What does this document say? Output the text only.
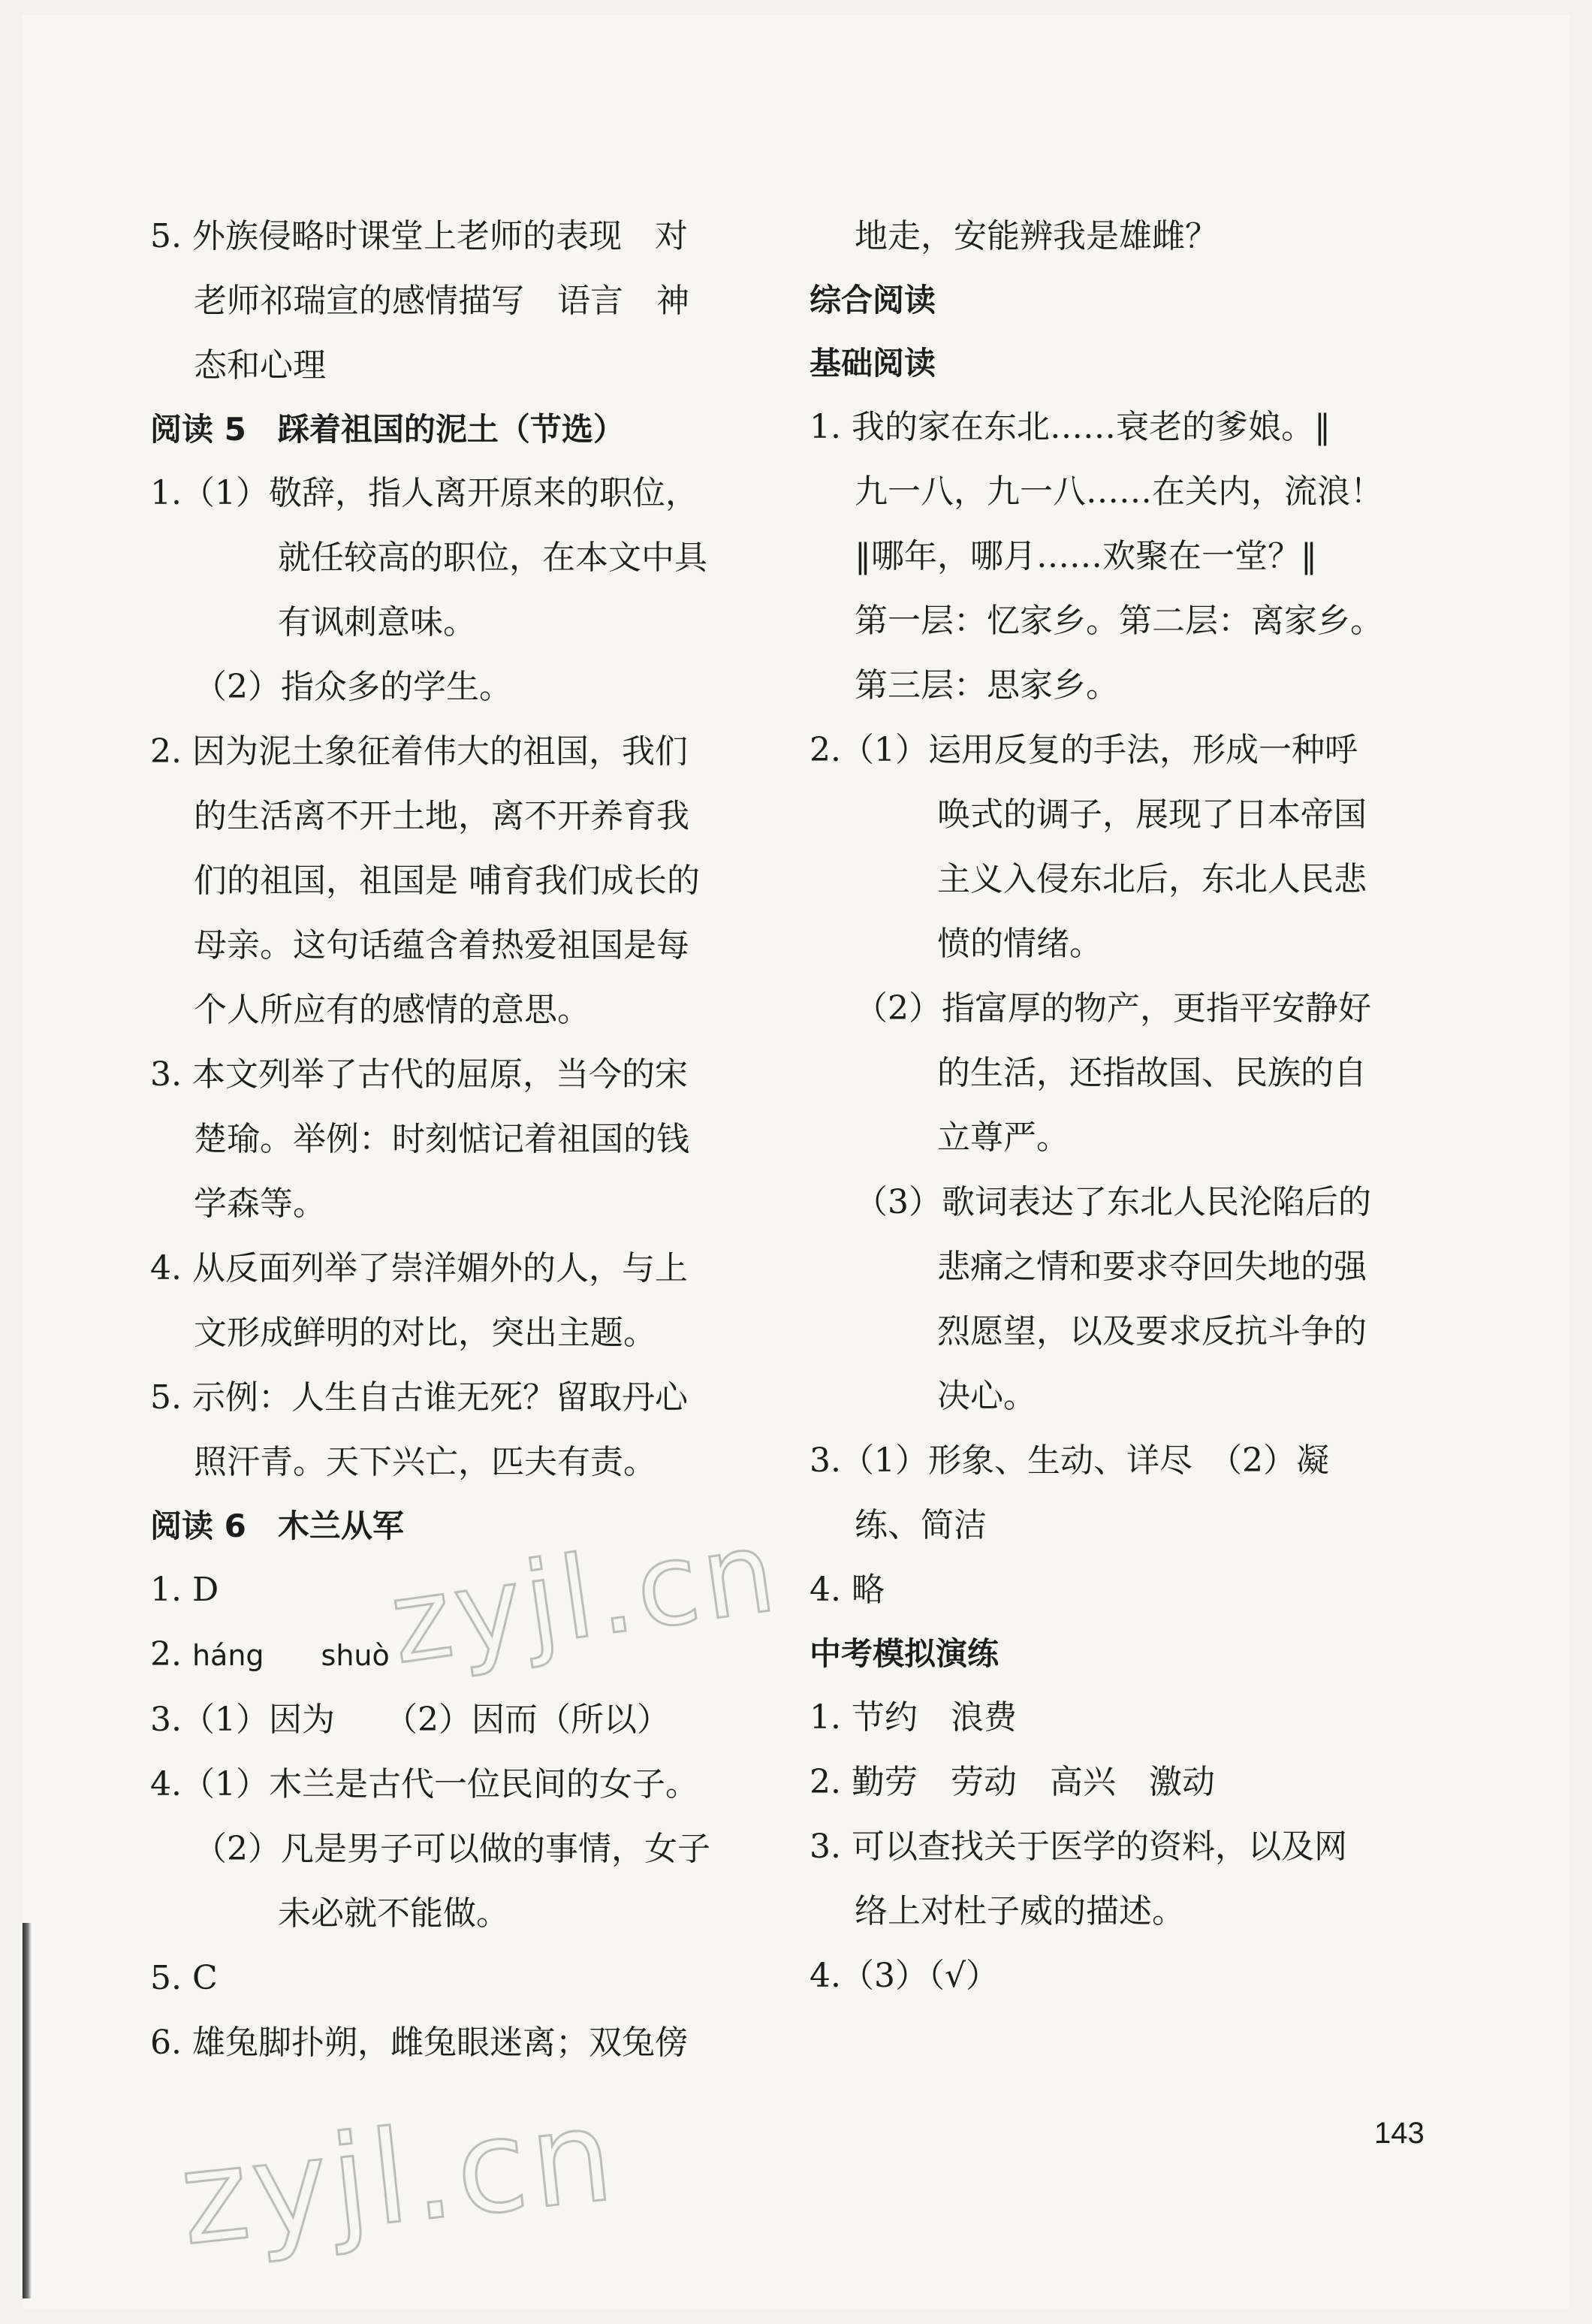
5. 外族侵略时课堂上老师的表现　对
老师祁瑞宣的感情描写　语言　神
态和心理
阅读 5　踩着祖国的泥土（节选）
1.（1）敬辞，指人离开原来的职位，
就任较高的职位，在本文中具
有讽刺意味。
（2）指众多的学生。
2. 因为泥土象征着伟大的祖国，我们
的生活离不开土地，离不开养育我
们的祖国，祖国是 哺育我们成长的
母亲。这句话蕴含着热爱祖国是每
个人所应有的感情的意思。
3. 本文列举了古代的屈原，当今的宋
楚瑜。举例：时刻惦记着祖国的钱
学森等。
4. 从反面列举了崇洋媚外的人，与上
文形成鲜明的对比，突出主题。
5. 示例：人生自古谁无死？留取丹心
照汗青。天下兴亡，匹夫有责。
阅读 6　木兰从军
1. D
2. háng　　shuò
3.（1）因为　　（2）因而（所以）
4.（1）木兰是古代一位民间的女子。
（2）凡是男子可以做的事情，女子
未必就不能做。
5. C
6. 雄兔脚扑朔，雌兔眼迷离；双兔傍
地走，安能辨我是雄雌？
综合阅读
基础阅读
1. 我的家在东北……衰老的爹娘。‖
九一八，九一八……在关内，流浪！
‖哪年，哪月……欢聚在一堂？‖
第一层：忆家乡。第二层：离家乡。
第三层：思家乡。
2.（1）运用反复的手法，形成一种呼
唤式的调子，展现了日本帝国
主义入侵东北后，东北人民悲
愤的情绪。
（2）指富厚的物产，更指平安静好
的生活，还指故国、民族的自
立尊严。
（3）歌词表达了东北人民沦陷后的
悲痛之情和要求夺回失地的强
烈愿望，以及要求反抗斗争的
决心。
3.（1）形象、生动、详尽　（2）凝
练、简洁
4. 略
中考模拟演练
1. 节约　浪费
2. 勤劳　劳动　高兴　激动
3. 可以查找关于医学的资料，以及网
络上对杜子威的描述。
4.（3）（√）
zyjl.cn
zyjl.cn	143
